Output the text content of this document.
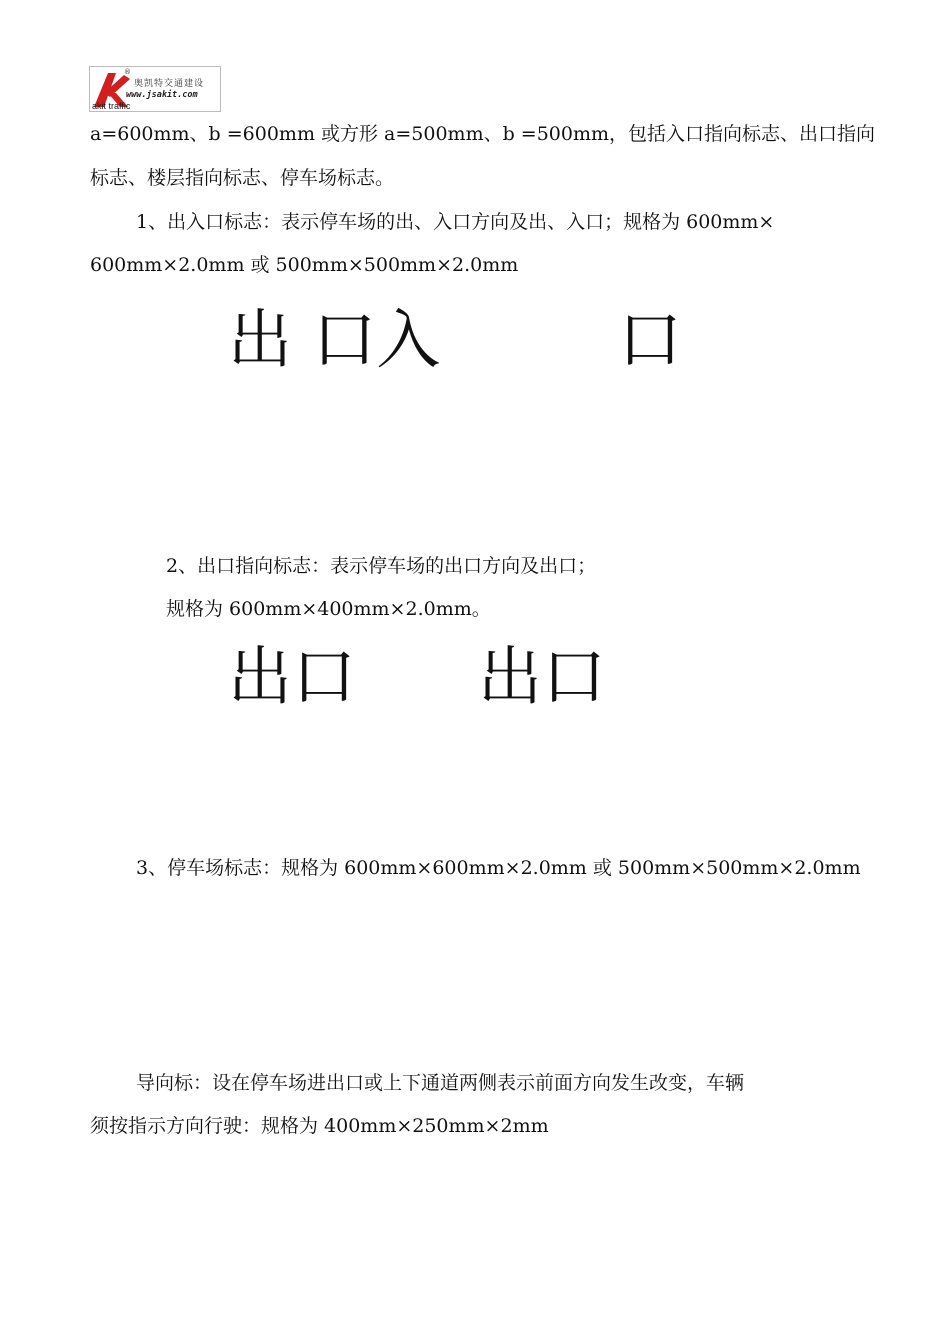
®
奥凯特交通建设
www.jsakit.com
akit traffic
a=600mm、b =600mm 或方形 a=500mm、b =500mm，包括入口指向标志、出口指向
标志、楼层指向标志、停车场标志。
1、出入口标志：表示停车场的出、入口方向及出、入口；规格为 600mm×
600mm×2.0mm 或 500mm×500mm×2.0mm
出 口入	口
2、出口指向标志：表示停车场的出口方向及出口；
规格为 600mm×400mm×2.0mm。
出口 出口
3、停车场标志：规格为 600mm×600mm×2.0mm 或 500mm×500mm×2.0mm
导向标：设在停车场进出口或上下通道两侧表示前面方向发生改变，车辆
须按指示方向行驶：规格为 400mm×250mm×2mm
